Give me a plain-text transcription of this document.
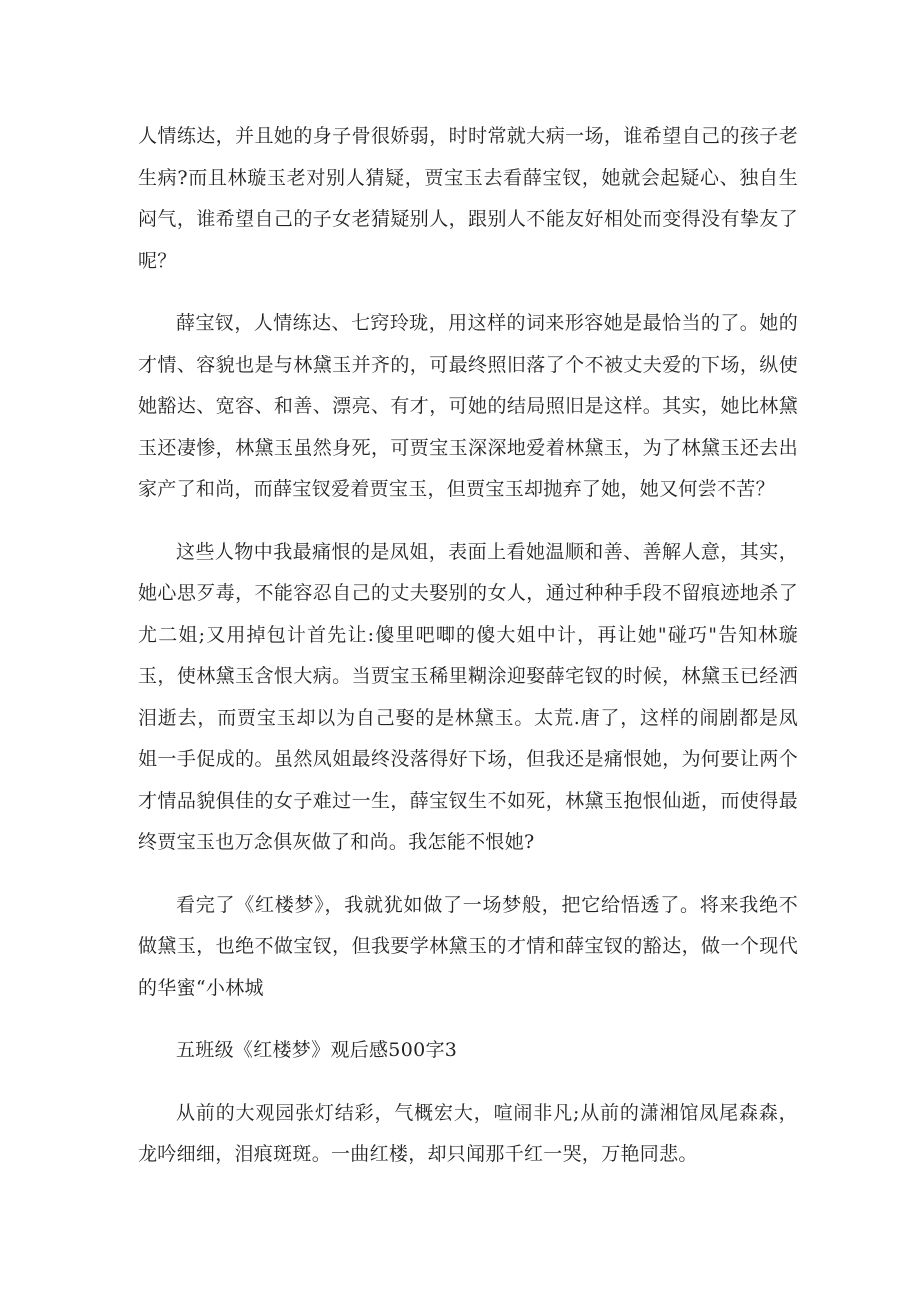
人情练达，并且她的身子骨很娇弱，时时常就大病一场，谁希望自己的孩子老生病?而且林璇玉老对别人猜疑，贾宝玉去看薛宝钗，她就会起疑心、独自生闷气，谁希望自己的子女老猜疑别人，跟别人不能友好相处而变得没有挚友了呢？

薛宝钗，人情练达、七窍玲珑，用这样的词来形容她是最恰当的了。她的才情、容貌也是与林黛玉并齐的，可最终照旧落了个不被丈夫爱的下场，纵使她豁达、宽容、和善、漂亮、有才，可她的结局照旧是这样。其实，她比林黛玉还凄惨，林黛玉虽然身死，可贾宝玉深深地爱着林黛玉，为了林黛玉还去出家产了和尚，而薛宝钗爱着贾宝玉，但贾宝玉却抛弃了她，她又何尝不苦？

这些人物中我最痛恨的是凤姐，表面上看她温顺和善、善解人意，其实，她心思歹毒，不能容忍自己的丈夫娶别的女人，通过种种手段不留痕迹地杀了尤二姐;又用掉包计首先让:傻里吧唧的傻大姐中计，再让她"碰巧"告知林璇玉，使林黛玉含恨大病。当贾宝玉稀里糊涂迎娶薛宅钗的时候，林黛玉已经洒泪逝去，而贾宝玉却以为自己娶的是林黛玉。太荒.唐了，这样的闹剧都是凤姐一手促成的。虽然凤姐最终没落得好下场，但我还是痛恨她，为何要让两个才情品貌俱佳的女子难过一生，薛宝钗生不如死，林黛玉抱恨仙逝，而使得最终贾宝玉也万念俱灰做了和尚。我怎能不恨她?

看完了《红楼梦》，我就犹如做了一场梦般，把它给悟透了。将来我绝不做黛玉，也绝不做宝钗，但我要学林黛玉的才情和薛宝钗的豁达，做一个现代的华蜜“小林城

五班级《红楼梦》观后感500字3

从前的大观园张灯结彩，气概宏大，喧闹非凡;从前的潇湘馆凤尾森森，龙吟细细，泪痕斑斑。一曲红楼，却只闻那千红一哭，万艳同悲。
